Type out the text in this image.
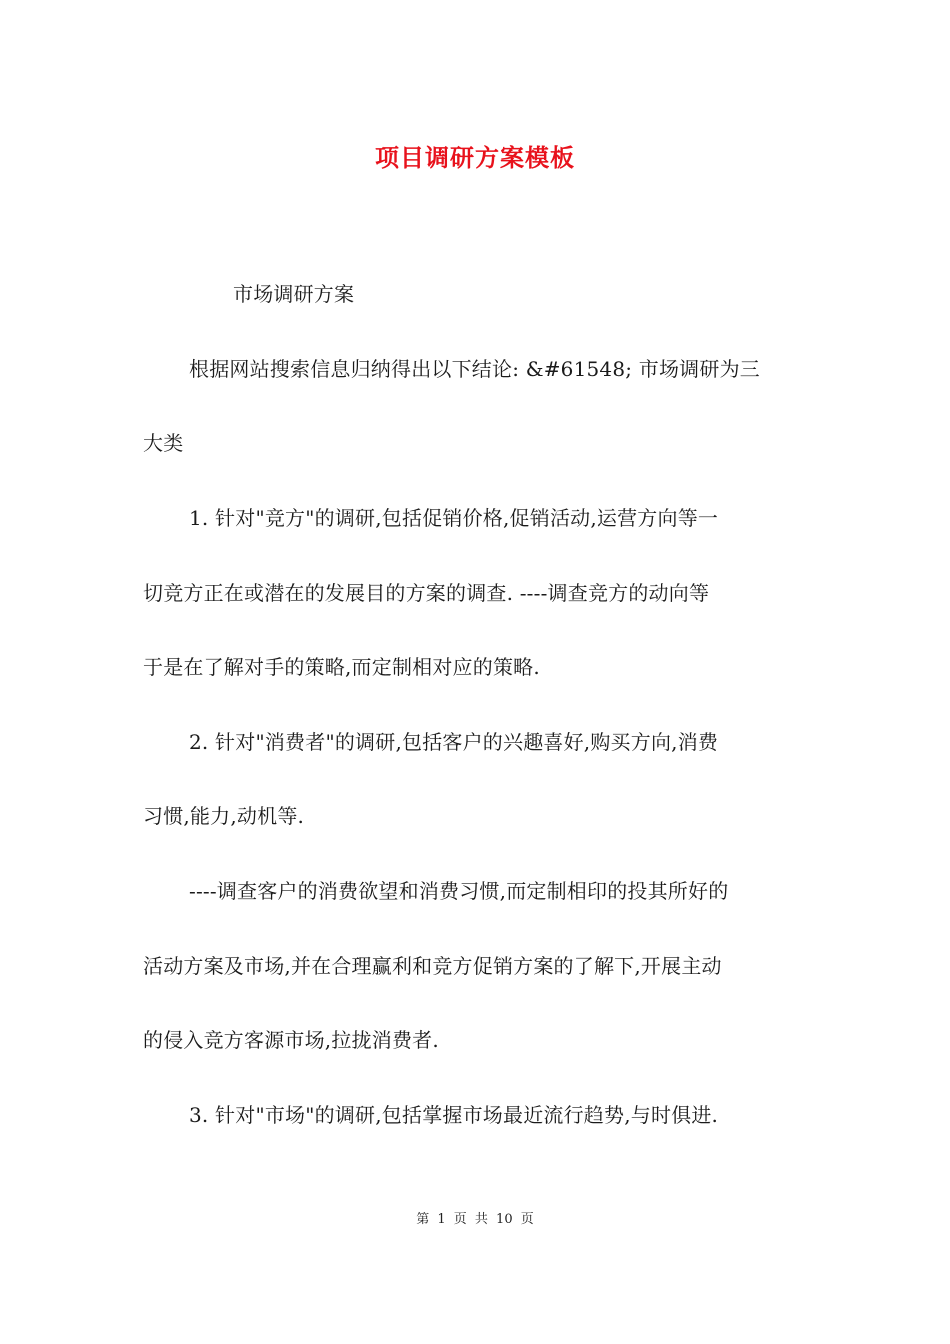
项目调研方案模板
市场调研方案
根据网站搜索信息归纳得出以下结论: &#61548; 市场调研为三
大类
1. 针对"竞方"的调研,包括促销价格,促销活动,运营方向等一
切竞方正在或潜在的发展目的方案的调查. ----调查竞方的动向等
于是在了解对手的策略,而定制相对应的策略.
2. 针对"消费者"的调研,包括客户的兴趣喜好,购买方向,消费
习惯,能力,动机等.
----调查客户的消费欲望和消费习惯,而定制相印的投其所好的
活动方案及市场,并在合理赢利和竞方促销方案的了解下,开展主动
的侵入竞方客源市场,拉拢消费者.
3. 针对"市场"的调研,包括掌握市场最近流行趋势,与时俱进.
第 1 页 共 10 页
